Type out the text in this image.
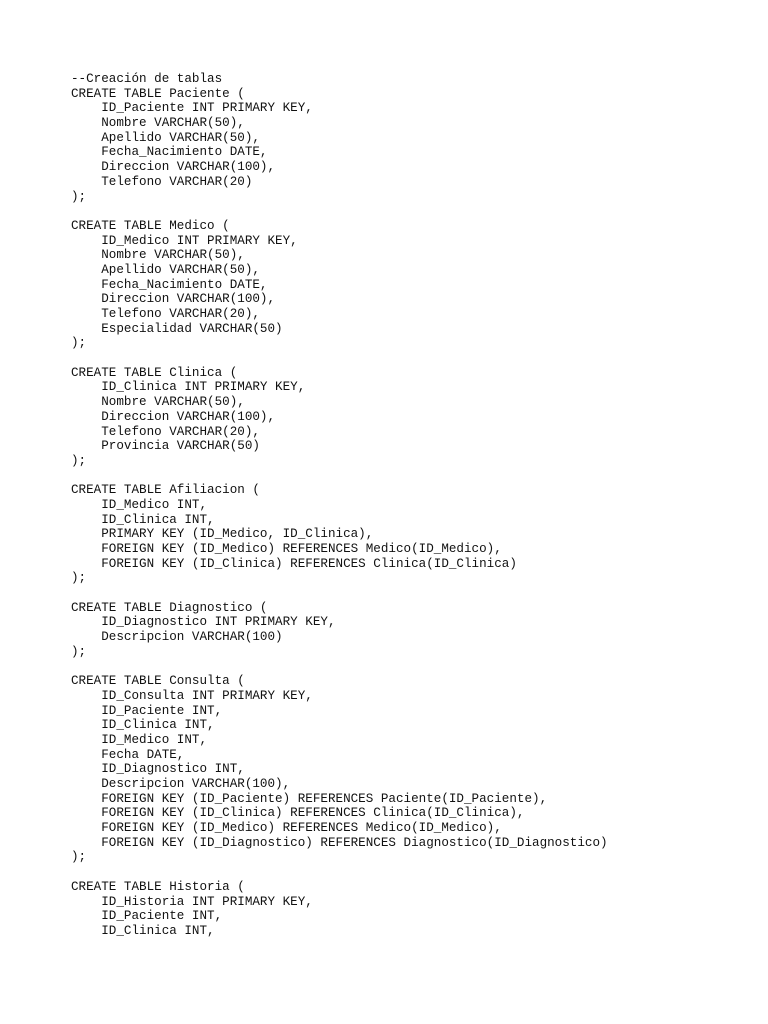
--Creación de tablas
CREATE TABLE Paciente (
ID_Paciente INT PRIMARY KEY,
Nombre VARCHAR(50),
Apellido VARCHAR(50),
Fecha_Nacimiento DATE,
Direccion VARCHAR(100),
Telefono VARCHAR(20)
);
CREATE TABLE Medico (
ID_Medico INT PRIMARY KEY,
Nombre VARCHAR(50),
Apellido VARCHAR(50),
Fecha_Nacimiento DATE,
Direccion VARCHAR(100),
Telefono VARCHAR(20),
Especialidad VARCHAR(50)
);
CREATE TABLE Clinica (
ID_Clinica INT PRIMARY KEY,
Nombre VARCHAR(50),
Direccion VARCHAR(100),
Telefono VARCHAR(20),
Provincia VARCHAR(50)
);
CREATE TABLE Afiliacion (
ID_Medico INT,
ID_Clinica INT,
PRIMARY KEY (ID_Medico, ID_Clinica),
FOREIGN KEY (ID_Medico) REFERENCES Medico(ID_Medico),
FOREIGN KEY (ID_Clinica) REFERENCES Clinica(ID_Clinica)
);
CREATE TABLE Diagnostico (
ID_Diagnostico INT PRIMARY KEY,
Descripcion VARCHAR(100)
);
CREATE TABLE Consulta (
ID_Consulta INT PRIMARY KEY,
ID_Paciente INT,
ID_Clinica INT,
ID_Medico INT,
Fecha DATE,
ID_Diagnostico INT,
Descripcion VARCHAR(100),
FOREIGN KEY (ID_Paciente) REFERENCES Paciente(ID_Paciente),
FOREIGN KEY (ID_Clinica) REFERENCES Clinica(ID_Clinica),
FOREIGN KEY (ID_Medico) REFERENCES Medico(ID_Medico),
FOREIGN KEY (ID_Diagnostico) REFERENCES Diagnostico(ID_Diagnostico)
);
CREATE TABLE Historia (
ID_Historia INT PRIMARY KEY,
ID_Paciente INT,
ID_Clinica INT,
